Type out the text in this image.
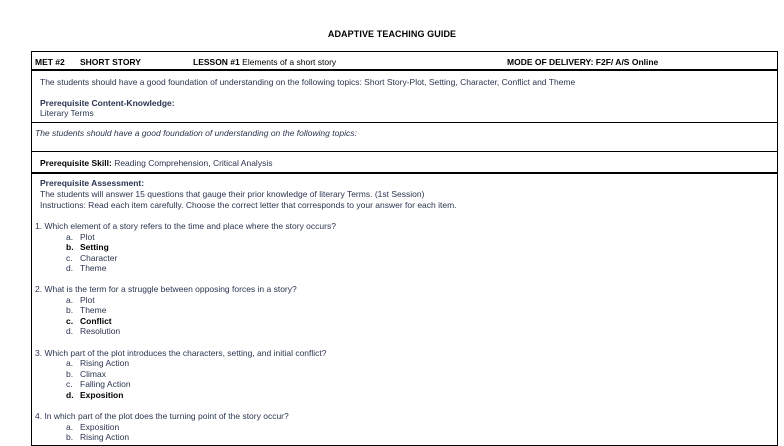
ADAPTIVE TEACHING GUIDE
MET #2 SHORT STORY	LESSON #1 Elements of a short story	MODE OF DELIVERY: F2F/ A/S Online
The students should have a good foundation of understanding on the following topics: Short Story-Plot, Setting, Character, Conflict and Theme
Prerequisite Content-Knowledge:
Literary Terms
The students should have a good foundation of understanding on the following topics:
Prerequisite Skill: Reading Comprehension, Critical Analysis
Prerequisite Assessment:
The students will answer 15 questions that gauge their prior knowledge of literary Terms. (1st Session)
Instructions: Read each item carefully. Choose the correct letter that corresponds to your answer for each item.
1. Which element of a story refers to the time and place where the story occurs?
a. Plot
b. Setting
c. Character
d. Theme
2. What is the term for a struggle between opposing forces in a story?
a. Plot
b. Theme
c. Conflict
d. Resolution
3. Which part of the plot introduces the characters, setting, and initial conflict?
a. Rising Action
b. Climax
c. Falling Action
d. Exposition
4. In which part of the plot does the turning point of the story occur?
a. Exposition
b. Rising Action
